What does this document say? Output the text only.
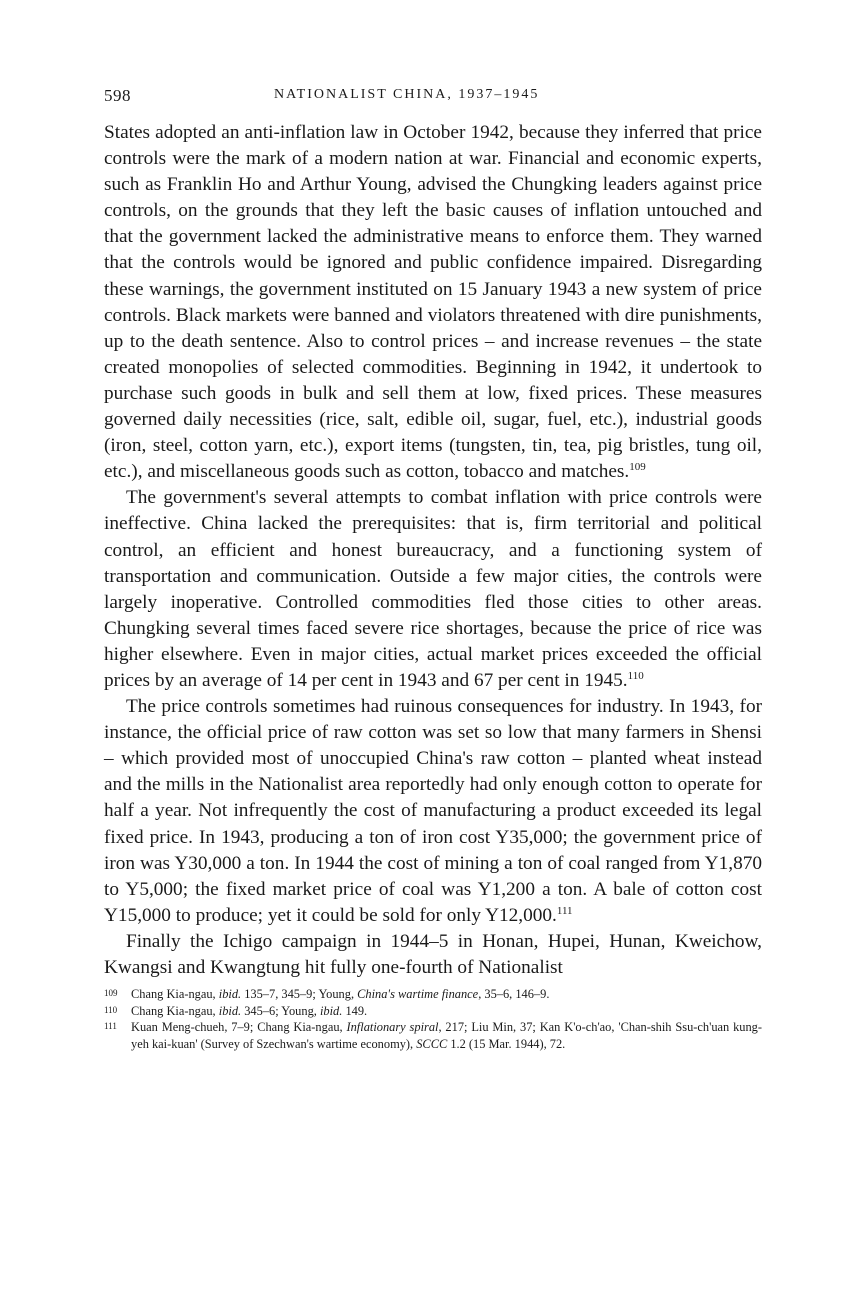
598	NATIONALIST CHINA, 1937–1945

States adopted an anti-inflation law in October 1942, because they inferred that price controls were the mark of a modern nation at war. Financial and economic experts, such as Franklin Ho and Arthur Young, advised the Chungking leaders against price controls, on the grounds that they left the basic causes of inflation untouched and that the government lacked the administrative means to enforce them. They warned that the controls would be ignored and public confidence impaired. Disregarding these warnings, the government instituted on 15 January 1943 a new system of price controls. Black markets were banned and violators threatened with dire punishments, up to the death sentence. Also to control prices – and increase revenues – the state created monopolies of selected commodities. Beginning in 1942, it undertook to purchase such goods in bulk and sell them at low, fixed prices. These measures governed daily necessities (rice, salt, edible oil, sugar, fuel, etc.), industrial goods (iron, steel, cotton yarn, etc.), export items (tungsten, tin, tea, pig bristles, tung oil, etc.), and miscellaneous goods such as cotton, tobacco and matches.$^{109}$

The government's several attempts to combat inflation with price controls were ineffective. China lacked the prerequisites: that is, firm territorial and political control, an efficient and honest bureaucracy, and a functioning system of transportation and communication. Outside a few major cities, the controls were largely inoperative. Controlled commodities fled those cities to other areas. Chungking several times faced severe rice shortages, because the price of rice was higher elsewhere. Even in major cities, actual market prices exceeded the official prices by an average of 14 per cent in 1943 and 67 per cent in 1945.$^{110}$

The price controls sometimes had ruinous consequences for industry. In 1943, for instance, the official price of raw cotton was set so low that many farmers in Shensi – which provided most of unoccupied China's raw cotton – planted wheat instead and the mills in the Nationalist area reportedly had only enough cotton to operate for half a year. Not infrequently the cost of manufacturing a product exceeded its legal fixed price. In 1943, producing a ton of iron cost Y35,000; the government price of iron was Y30,000 a ton. In 1944 the cost of mining a ton of coal ranged from Y1,870 to Y5,000; the fixed market price of coal was Y1,200 a ton. A bale of cotton cost Y15,000 to produce; yet it could be sold for only Y12,000.$^{111}$

Finally the Ichigo campaign in 1944–5 in Honan, Hupei, Hunan, Kweichow, Kwangsi and Kwangtung hit fully one-fourth of Nationalist

109 Chang Kia-ngau, ibid. 135–7, 345–9; Young, China's wartime finance, 35–6, 146–9.
110 Chang Kia-ngau, ibid. 345–6; Young, ibid. 149.
111 Kuan Meng-chueh, 7–9; Chang Kia-ngau, Inflationary spiral, 217; Liu Min, 37; Kan K'o-ch'ao, 'Chan-shih Ssu-ch'uan kung-yeh kai-kuan' (Survey of Szechwan's wartime economy), SCCC 1.2 (15 Mar. 1944), 72.
